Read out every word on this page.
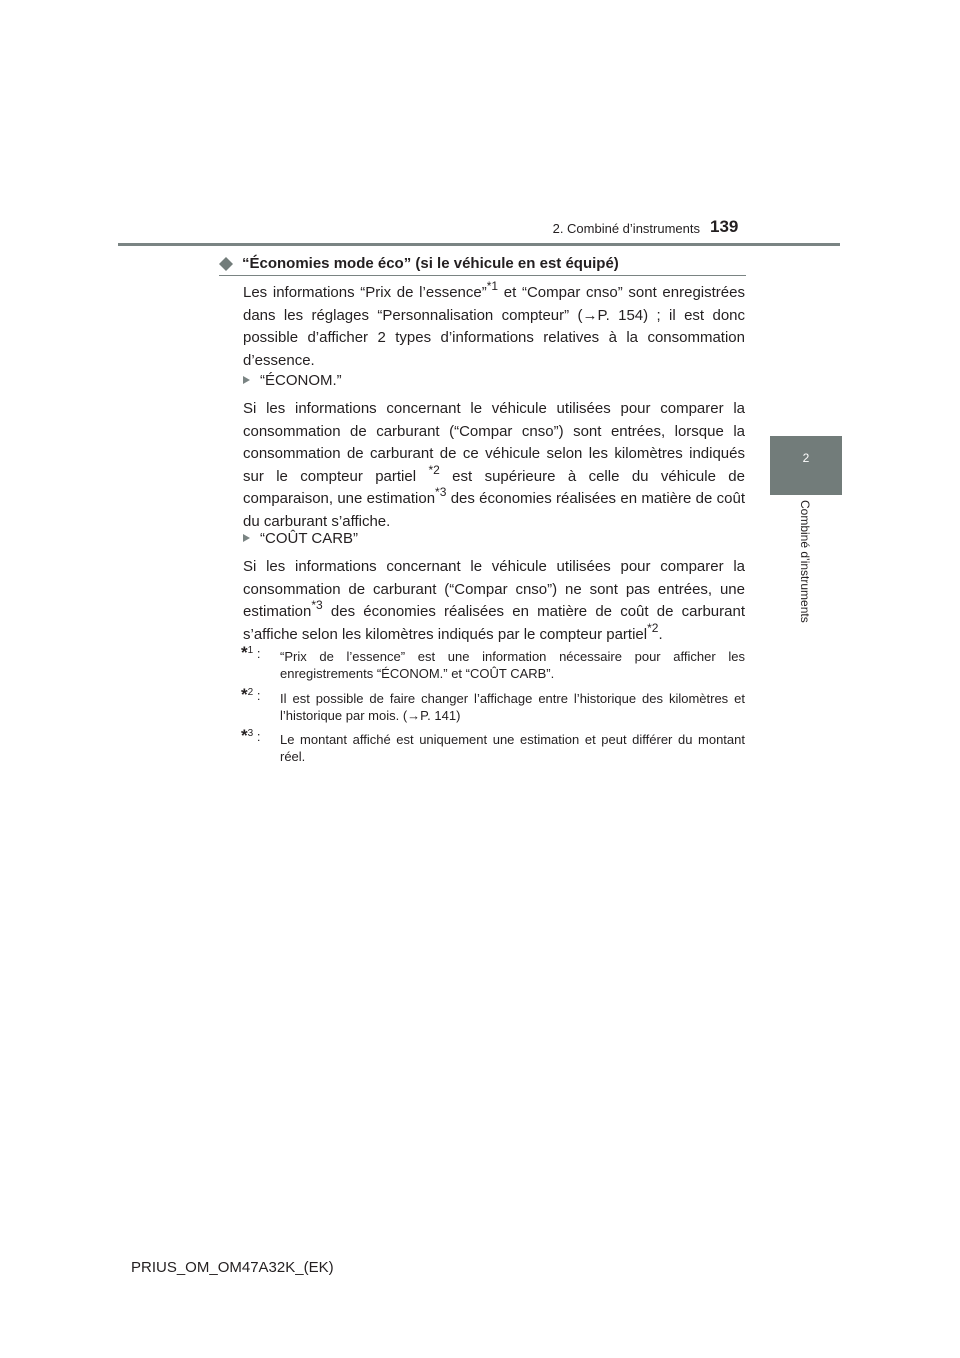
2. Combiné d’instruments 139
2
Combiné d’instruments
“Économies mode éco” (si le véhicule en est équipé)
Les informations “Prix de l’essence”$^{*1}$ et “Compar cnso” sont enregistrées dans les réglages “Personnalisation compteur” (→P. 154) ; il est donc possible d’afficher 2 types d’informations relatives à la consommation d’essence.
“ÉCONOM.”
Si les informations concernant le véhicule utilisées pour comparer la consommation de carburant (“Compar cnso”) sont entrées, lorsque la consommation de carburant de ce véhicule selon les kilomètres indiqués sur le compteur partiel $^{*2}$ est supérieure à celle du véhicule de comparaison, une estimation$^{*3}$ des économies réalisées en matière de coût du carburant s’affiche.
“COÛT CARB”
Si les informations concernant le véhicule utilisées pour comparer la consommation de carburant (“Compar cnso”) ne sont pas entrées, une estimation$^{*3}$ des économies réalisées en matière de coût de carburant s’affiche selon les kilomètres indiqués par le compteur partiel$^{*2}$.
*$^1$ : “Prix de l’essence” est une information nécessaire pour afficher les enregistrements “ÉCONOM.” et “COÛT CARB”.
*$^2$ : Il est possible de faire changer l’affichage entre l’historique des kilomètres et l’historique par mois. (→P. 141)
*$^3$ : Le montant affiché est uniquement une estimation et peut différer du montant réel.
PRIUS_OM_OM47A32K_(EK)
